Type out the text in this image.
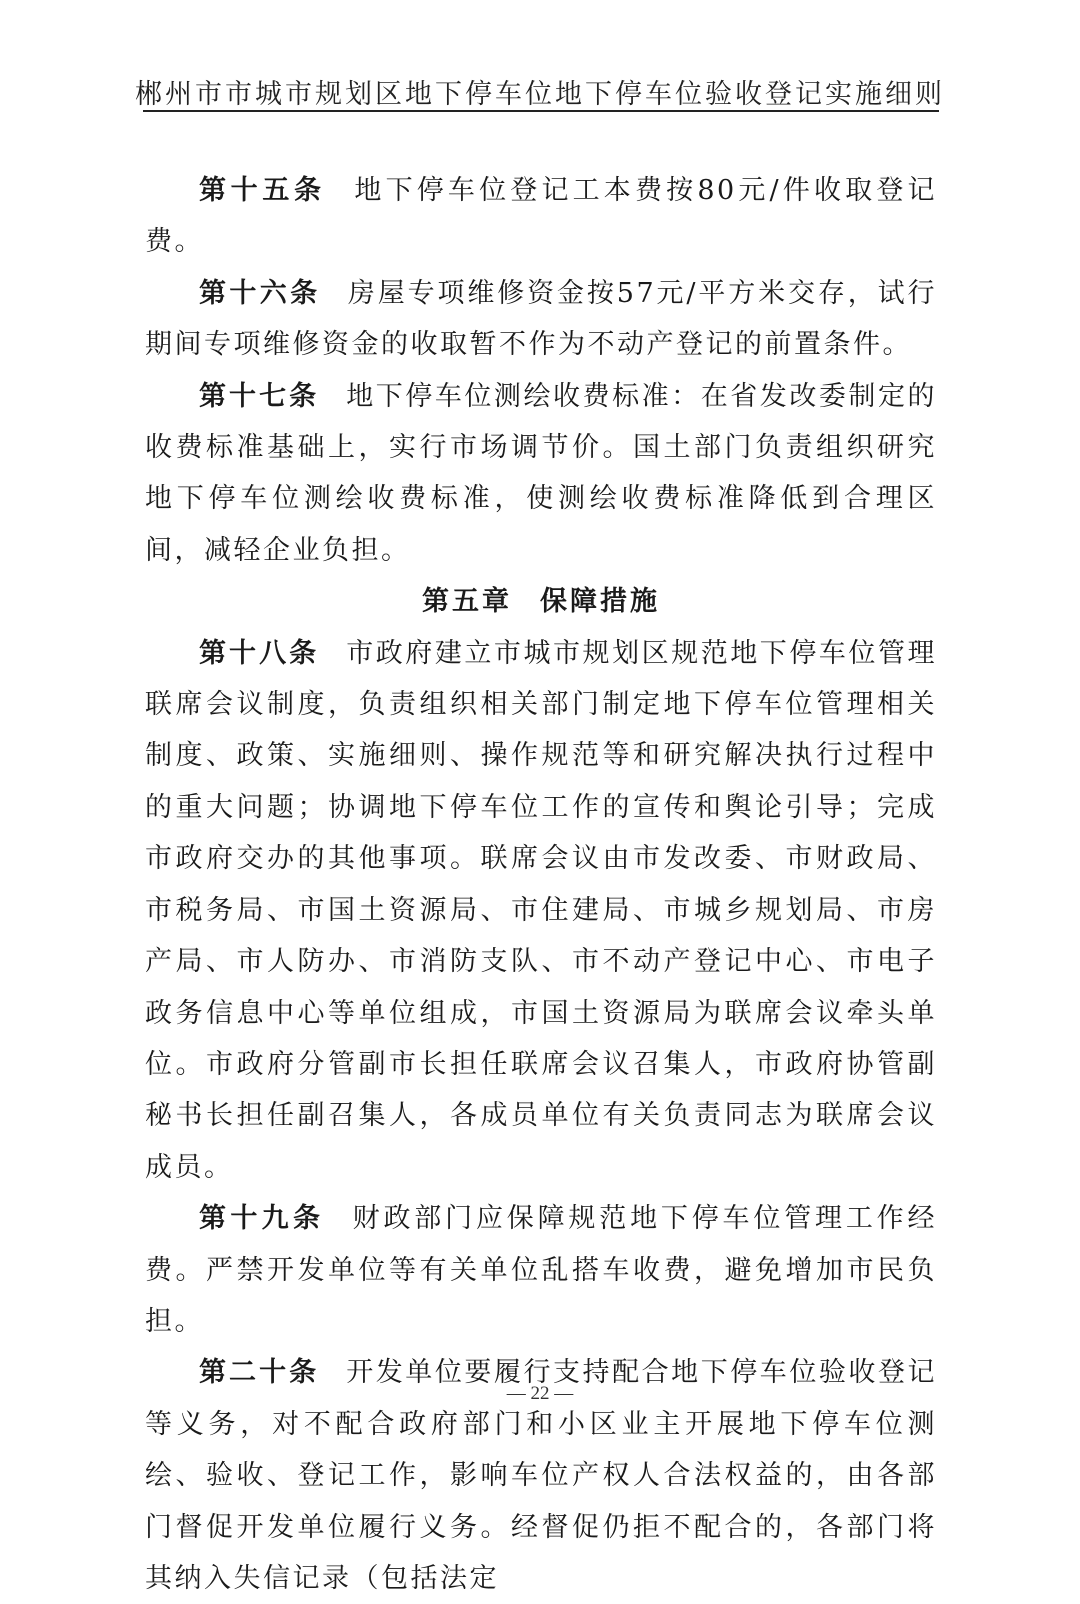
郴州市市城市规划区地下停车位地下停车位验收登记实施细则

第十五条 地下停车位登记工本费按80元/件收取登记费。

第十六条 房屋专项维修资金按57元/平方米交存，试行期间专项维修资金的收取暂不作为不动产登记的前置条件。

第十七条 地下停车位测绘收费标准：在省发改委制定的收费标准基础上，实行市场调节价。国土部门负责组织研究地下停车位测绘收费标准，使测绘收费标准降低到合理区间，减轻企业负担。

第五章 保障措施

第十八条 市政府建立市城市规划区规范地下停车位管理联席会议制度，负责组织相关部门制定地下停车位管理相关制度、政策、实施细则、操作规范等和研究解决执行过程中的重大问题；协调地下停车位工作的宣传和舆论引导；完成市政府交办的其他事项。联席会议由市发改委、市财政局、市税务局、市国土资源局、市住建局、市城乡规划局、市房产局、市人防办、市消防支队、市不动产登记中心、市电子政务信息中心等单位组成，市国土资源局为联席会议牵头单位。市政府分管副市长担任联席会议召集人，市政府协管副秘书长担任副召集人，各成员单位有关负责同志为联席会议成员。

第十九条 财政部门应保障规范地下停车位管理工作经费。严禁开发单位等有关单位乱搭车收费，避免增加市民负担。

第二十条 开发单位要履行支持配合地下停车位验收登记等义务，对不配合政府部门和小区业主开展地下停车位测绘、验收、登记工作，影响车位产权人合法权益的，由各部门督促开发单位履行义务。经督促仍拒不配合的，各部门将其纳入失信记录（包括法定

— 22 —
